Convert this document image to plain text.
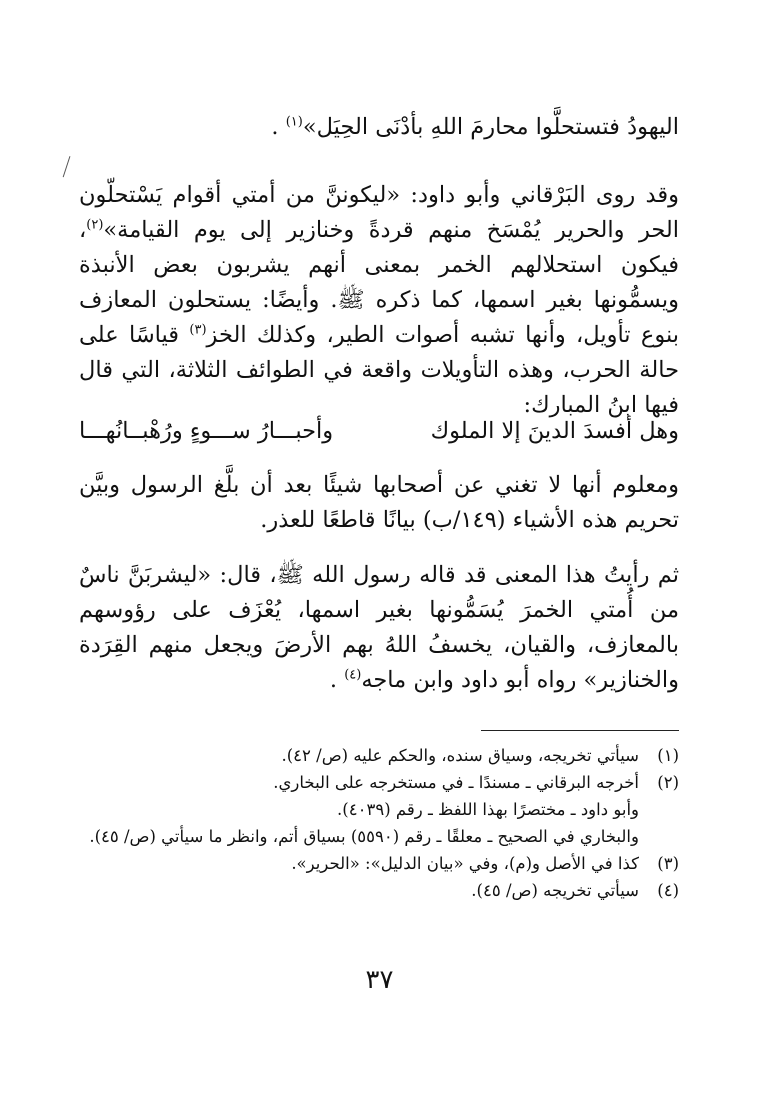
اليهودُ فتستحلَّوا محارمَ اللهِ بأدْنَى الحِيَل»$^{(١)}$ .

وقد روى البَرْقاني وأبو داود: «ليكوننَّ من أمتي أقوام يَسْتحلّون الحر والحرير يُمْسَخ منهم قردةً وخنازير إلى يوم القيامة»$^{(٢)}$، فيكون استحلالهم الخمر بمعنى أنهم يشربون بعض الأنبذة ويسمُّونها بغير اسمها، كما ذكره ﷺ. وأيضًا: يستحلون المعازف بنوع تأويل، وأنها تشبه أصوات الطير، وكذلك الخز$^{(٣)}$ قياسًا على حالة الحرب، وهذه التأويلات واقعة في الطوائف الثلاثة، التي قال فيها ابنُ المبارك:

وهل أفسدَ الدينَ إلا الملوك
وأحبـــارُ ســـوءٍ ورُهْبــانُهـــا

ومعلوم أنها لا تغني عن أصحابها شيئًا بعد أن بلَّغ الرسول وبيَّن تحريم هذه الأشياء (١٤٩/ب) بيانًا قاطعًا للعذر.

ثم رأيتُ هذا المعنى قد قاله رسول الله ﷺ، قال: «ليشربَنَّ ناسٌ من أُمتي الخمرَ يُسَمُّونها بغير اسمها، يُعْزَف على رؤوسهم بالمعازف، والقيان، يخسفُ اللهُ بهم الأرضَ ويجعل منهم القِرَدة والخنازير» رواه أبو داود وابن ماجه$^{(٤)}$ .

(١)
سيأتي تخريجه، وسياق سنده، والحكم عليه (ص/ ٤٢).
(٢)
أخرجه البرقاني ـ مسندًا ـ في مستخرجه على البخاري.
وأبو داود ـ مختصرًا بهذا اللفظ ـ رقم (٤٠٣٩).
والبخاري في الصحيح ـ معلقًا ـ رقم (٥٥٩٠) بسياق أتم، وانظر ما سيأتي (ص/ ٤٥).
(٣)
كذا في الأصل و(م)، وفي «بيان الدليل»: «الحرير».
(٤)
سيأتي تخريجه (ص/ ٤٥).
٣٧
